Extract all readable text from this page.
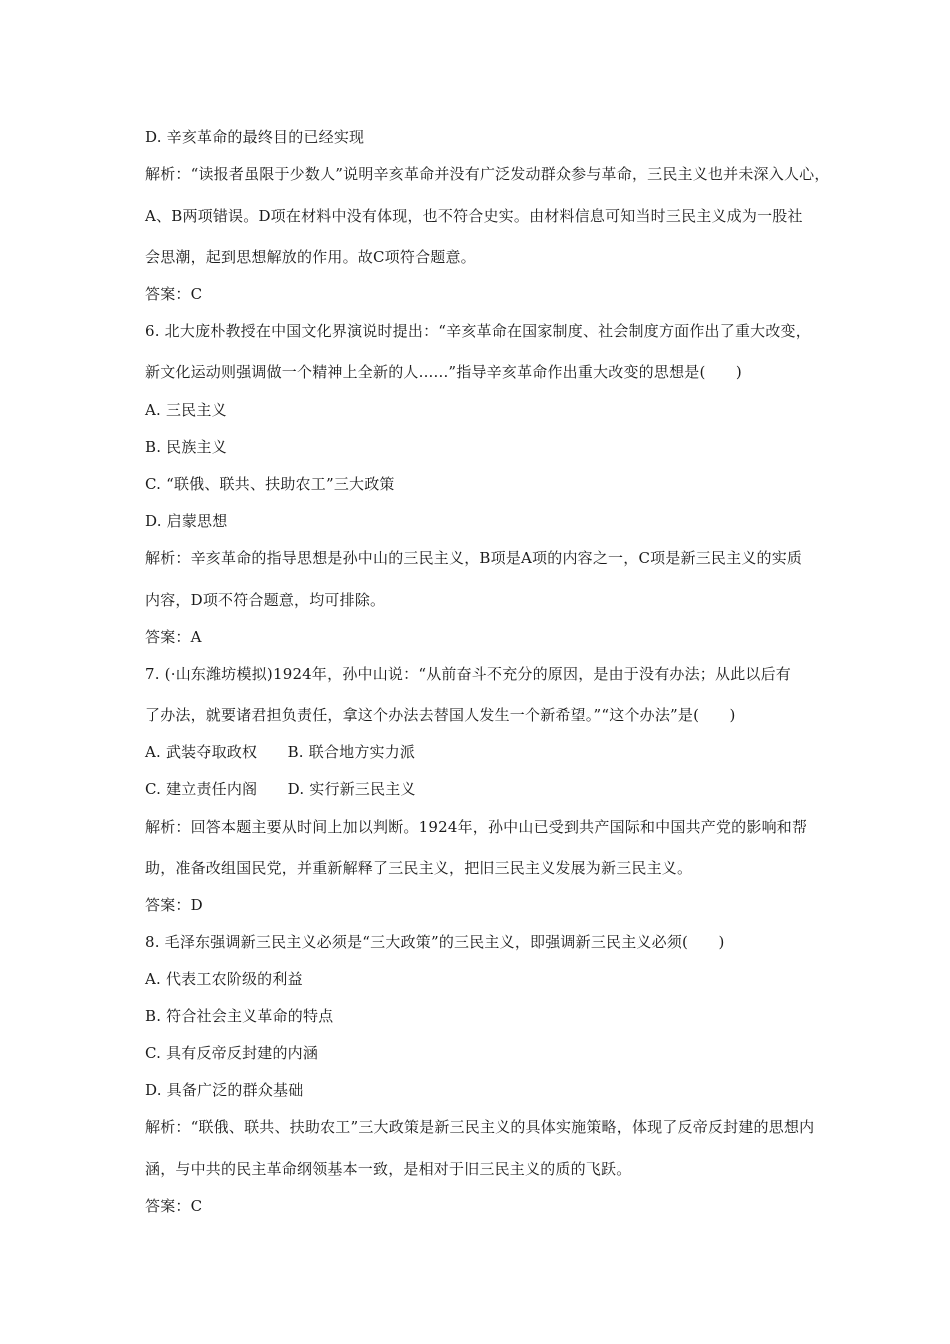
D. 辛亥革命的最终目的已经实现
解析：“读报者虽限于少数人”说明辛亥革命并没有广泛发动群众参与革命，三民主义也并未深入人心，
A、B两项错误。D项在材料中没有体现，也不符合史实。由材料信息可知当时三民主义成为一股社
会思潮，起到思想解放的作用。故C项符合题意。
答案：C
6. 北大庞朴教授在中国文化界演说时提出：“辛亥革命在国家制度、社会制度方面作出了重大改变，
新文化运动则强调做一个精神上全新的人......”指导辛亥革命作出重大改变的思想是(　　)
A. 三民主义
B. 民族主义
C. “联俄、联共、扶助农工”三大政策
D. 启蒙思想
解析：辛亥革命的指导思想是孙中山的三民主义，B项是A项的内容之一，C项是新三民主义的实质
内容，D项不符合题意，均可排除。
答案：A
7. (·山东潍坊模拟)1924年，孙中山说：“从前奋斗不充分的原因，是由于没有办法；从此以后有
了办法，就要诸君担负责任，拿这个办法去替国人发生一个新希望。”“这个办法”是(　　)
A. 武装夺取政权　　B. 联合地方实力派
C. 建立责任内阁　　D. 实行新三民主义
解析：回答本题主要从时间上加以判断。1924年，孙中山已受到共产国际和中国共产党的影响和帮
助，准备改组国民党，并重新解释了三民主义，把旧三民主义发展为新三民主义。
答案：D
8. 毛泽东强调新三民主义必须是“三大政策”的三民主义，即强调新三民主义必须(　　)
A. 代表工农阶级的利益
B. 符合社会主义革命的特点
C. 具有反帝反封建的内涵
D. 具备广泛的群众基础
解析：“联俄、联共、扶助农工”三大政策是新三民主义的具体实施策略，体现了反帝反封建的思想内
涵，与中共的民主革命纲领基本一致，是相对于旧三民主义的质的飞跃。
答案：C
